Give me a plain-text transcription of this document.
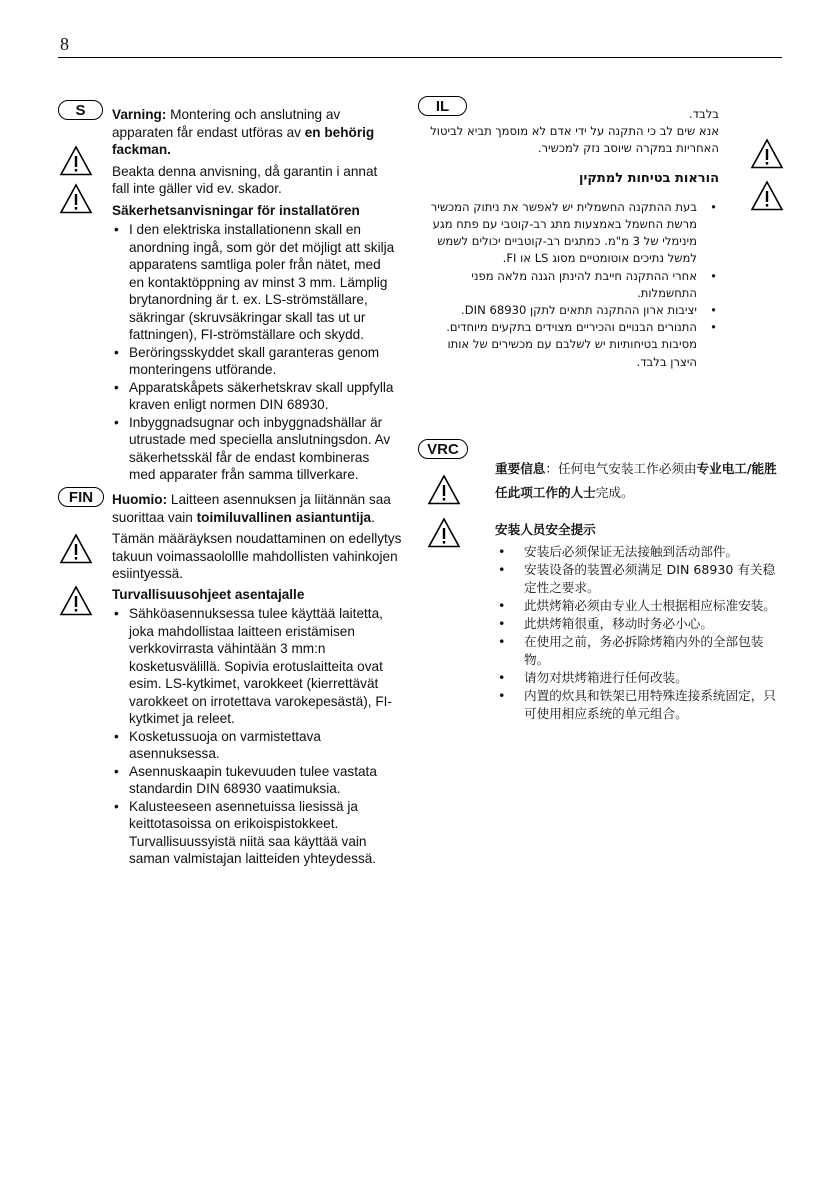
8
S	Varning: Montering och anslutning av apparaten får endast utföras av en behörig fackman.

Beakta denna anvisning, då garantin i annat fall inte gäller vid ev. skador.

Säkerhetsanvisningar för installatören

• I den elektriska installationenn skall en anordning ingå, som gör det möjligt att skilja apparatens samtliga poler från nätet, med en kontaktöppning av minst 3 mm. Lämplig brytanordning är t. ex. LS-strömställare, säkringar (skruvsäkringar skall tas ut ur fattningen), FI-strömställare och skydd.
• Beröringsskyddet skall garanteras genom monteringens utförande.
• Apparatskåpets säkerhetskrav skall uppfylla kraven enligt normen DIN 68930.
• Inbyggnadsugnar och inbyggnadshällar är utrustade med speciella anslutningsdon. Av säkerhetsskäl får de endast kombineras med apparater från samma tillverkare.
FIN	Huomio: Laitteen asennuksen ja liitännän saa suorittaa vain toimiluvallinen asiantuntija.

Tämän määräyksen noudattaminen on edellytys takuun voimassaolollle mahdollisten vahinkojen esiintyessä.

Turvallisuusohjeet asentajalle

• Sähköasennuksessa tulee käyttää laitetta, joka mahdollistaa laitteen eristämisen verkkovirrasta vähintään 3 mm:n kosketusvälillä. Sopivia erotuslaitteita ovat esim. LS-kytkimet, varokkeet (kierrettävät varokkeet on irrotettava varokepesästä), FI-kytkimet ja releet.
• Kosketussuoja on varmistettava asennuksessa.
• Asennuskaapin tukevuuden tulee vastata standardin DIN 68930 vaatimuksia.
• Kalusteeseen asennetuissa liesissä ja keittotasoissa on erikoispistokkeet. Turvallisuussyistä niitä saa käyttää vain saman valmistajan laitteiden yhteydessä.
IL	בלבד.

אנא שים לב כי התקנה על ידי אדם לא מוסמך תביא לביטול האחריות במקרה שיוסב נזק למכשיר.

הוראות בטיחות למתקין

• בעת ההתקנה החשמלית יש לאפשר את ניתוק המכשיר מרשת החשמל באמצעות מתג רב-קוטבי עם פתח מגע מינימלי של 3 מ"מ. כמתגים רב-קוטביים יכולים לשמש למשל נתיכים אוטומטיים מסוג LS או FI.
• אחרי ההתקנה חייבת להינתן הגנה מלאה מפני התחשמלות.
• יציבות ארון ההתקנה תתאים לתקן DIN 68930.
• התנורים הבנויים והכיריים מצוידים בתקעים מיוחדים. מסיבות בטיחותיות יש לשלבם עם מכשירים של אותו היצרן בלבד.
VRC

重要信息：任何电气安装工作必须由专业电工/能胜任此项工作的人士完成。

安装人员安全提示

• 安装后必须保证无法接触到活动部件。
• 安装设备的装置必须满足 DIN 68930 有关稳定性之要求。
• 此烘烤箱必须由专业人士根据相应标准安装。
• 此烘烤箱很重，移动时务必小心。
• 在使用之前，务必拆除烤箱内外的全部包装物。
• 请勿对烘烤箱进行任何改装。
• 内置的炊具和铁架已用特殊连接系统固定，只可使用相应系统的单元组合。
